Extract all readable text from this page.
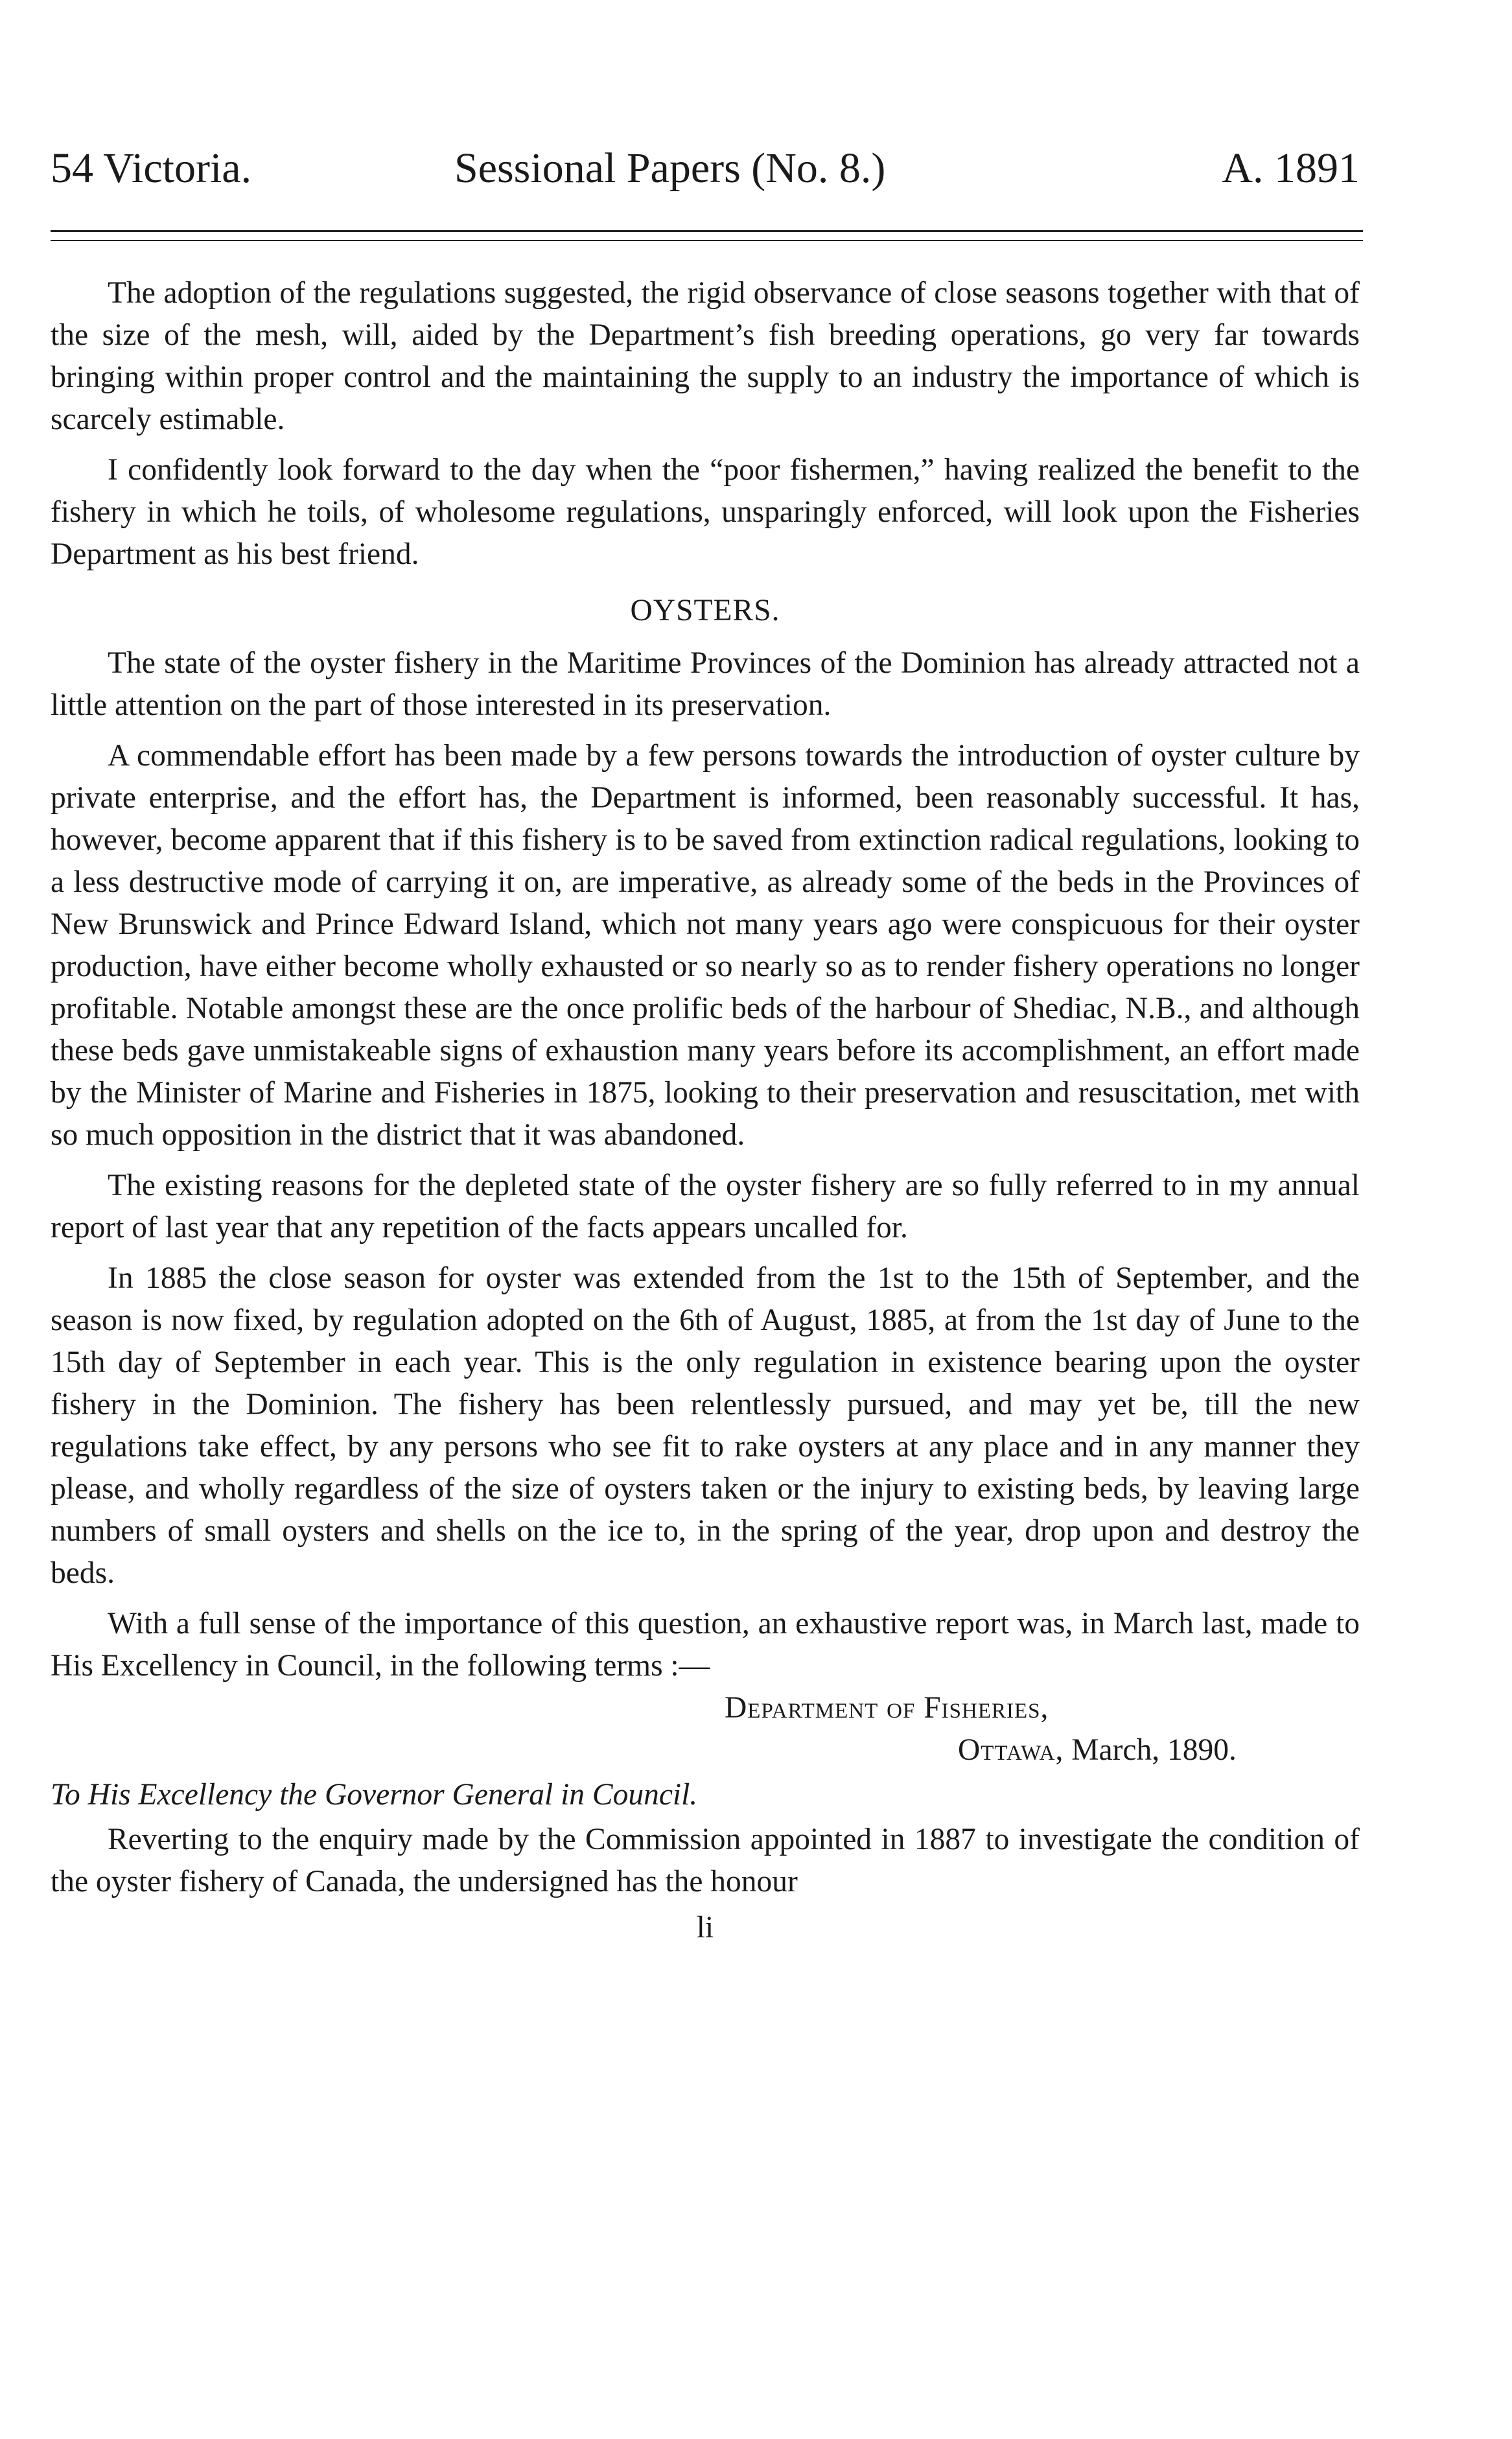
54 Victoria.	Sessional Papers (No. 8.)	A. 1891

The adoption of the regulations suggested, the rigid observance of close seasons together with that of the size of the mesh, will, aided by the Department’s fish breeding operations, go very far towards bringing within proper control and the maintaining the supply to an industry the importance of which is scarcely estimable.

I confidently look forward to the day when the “poor fishermen,” having realized the benefit to the fishery in which he toils, of wholesome regulations, unsparingly enforced, will look upon the Fisheries Department as his best friend.

OYSTERS.

The state of the oyster fishery in the Maritime Provinces of the Dominion has already attracted not a little attention on the part of those interested in its preservation.

A commendable effort has been made by a few persons towards the introduction of oyster culture by private enterprise, and the effort has, the Department is informed, been reasonably successful. It has, however, become apparent that if this fishery is to be saved from extinction radical regulations, looking to a less destructive mode of carrying it on, are imperative, as already some of the beds in the Provinces of New Brunswick and Prince Edward Island, which not many years ago were conspicuous for their oyster production, have either become wholly exhausted or so nearly so as to render fishery operations no longer profitable. Notable amongst these are the once prolific beds of the harbour of Shediac, N.B., and although these beds gave unmistakeable signs of exhaustion many years before its accomplishment, an effort made by the Minister of Marine and Fisheries in 1875, looking to their preservation and resuscitation, met with so much opposition in the district that it was abandoned.

The existing reasons for the depleted state of the oyster fishery are so fully referred to in my annual report of last year that any repetition of the facts appears uncalled for.

In 1885 the close season for oyster was extended from the 1st to the 15th of September, and the season is now fixed, by regulation adopted on the 6th of August, 1885, at from the 1st day of June to the 15th day of September in each year. This is the only regulation in existence bearing upon the oyster fishery in the Dominion. The fishery has been relentlessly pursued, and may yet be, till the new regulations take effect, by any persons who see fit to rake oysters at any place and in any manner they please, and wholly regardless of the size of oysters taken or the injury to existing beds, by leaving large numbers of small oysters and shells on the ice to, in the spring of the year, drop upon and destroy the beds.

With a full sense of the importance of this question, an exhaustive report was, in March last, made to His Excellency in Council, in the following terms :—

Department of Fisheries,
Ottawa, March, 1890.
To His Excellency the Governor General in Council.

Reverting to the enquiry made by the Commission appointed in 1887 to investigate the condition of the oyster fishery of Canada, the undersigned has the honour

li
